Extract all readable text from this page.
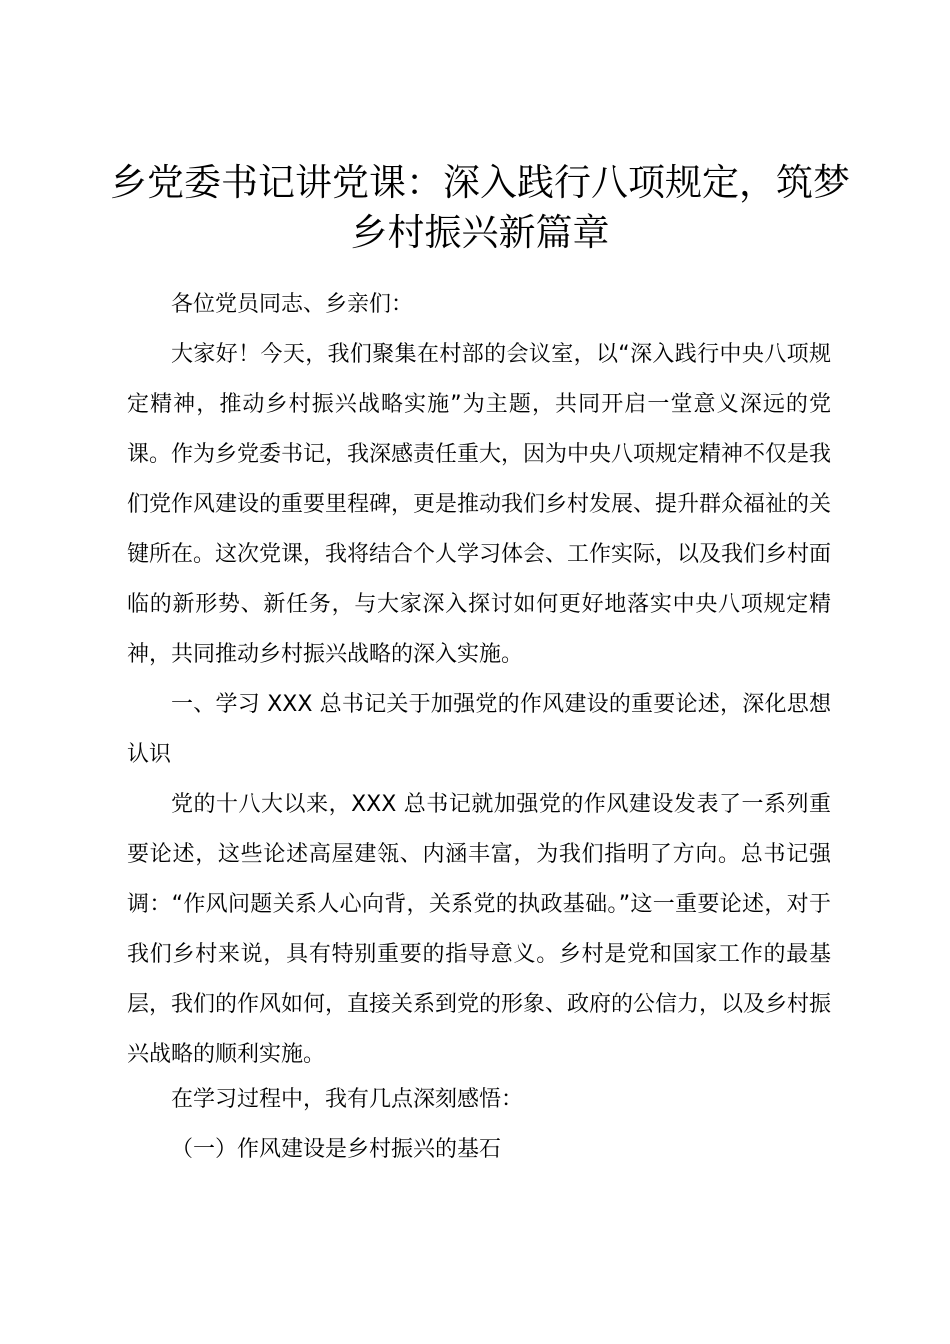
乡党委书记讲党课：深入践行八项规定，筑梦
乡村振兴新篇章

各位党员同志、乡亲们：

大家好！今天，我们聚集在村部的会议室，以“深入践行中央八项规定精神，推动乡村振兴战略实施”为主题，共同开启一堂意义深远的党课。作为乡党委书记，我深感责任重大，因为中央八项规定精神不仅是我们党作风建设的重要里程碑，更是推动我们乡村发展、提升群众福祉的关键所在。这次党课，我将结合个人学习体会、工作实际，以及我们乡村面临的新形势、新任务，与大家深入探讨如何更好地落实中央八项规定精神，共同推动乡村振兴战略的深入实施。

一、学习 XXX 总书记关于加强党的作风建设的重要论述，深化思想认识

党的十八大以来，XXX 总书记就加强党的作风建设发表了一系列重要论述，这些论述高屋建瓴、内涵丰富，为我们指明了方向。总书记强调：“作风问题关系人心向背，关系党的执政基础。”这一重要论述，对于我们乡村来说，具有特别重要的指导意义。乡村是党和国家工作的最基层，我们的作风如何，直接关系到党的形象、政府的公信力，以及乡村振兴战略的顺利实施。

在学习过程中，我有几点深刻感悟：

（一）作风建设是乡村振兴的基石
